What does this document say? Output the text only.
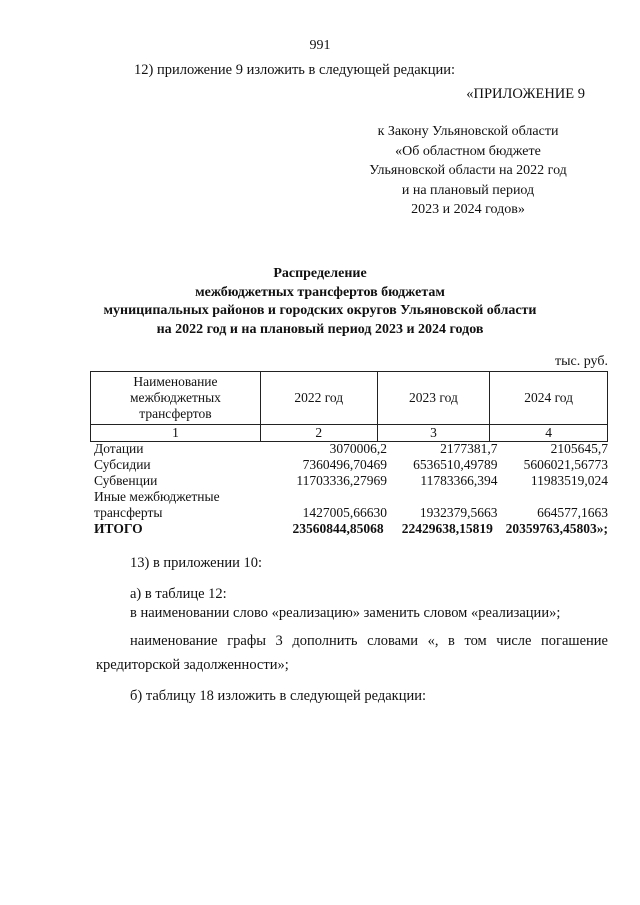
991
12) приложение 9 изложить в следующей редакции:
«ПРИЛОЖЕНИЕ 9
к Закону Ульяновской области
«Об областном бюджете
Ульяновской области на 2022 год
и на плановый период
2023 и 2024 годов»
Распределение
межбюджетных трансфертов бюджетам
муниципальных районов и городских округов Ульяновской области
на 2022 год и на плановый период 2023 и 2024 годов
тыс. руб.
Наименование межбюджетных трансфертов	2022 год	2023 год	2024 год
1	2	3	4
Дотации	3070006,2	2177381,7	2105645,7
Субсидии	7360496,70469	6536510,49789	5606021,56773
Субвенции	11703336,27969	11783366,394	11983519,024
Иные межбюджетные
трансферты	1427005,66630	1932379,5663	664577,1663
ИТОГО	23560844,85068	22429638,15819 20359763,45803»;
13) в приложении 10:
а) в таблице 12:
в наименовании слово «реализацию» заменить словом «реализации»;
наименование графы 3 дополнить словами «, в том числе погашение
кредиторской задолженности»;
б) таблицу 18 изложить в следующей редакции:
